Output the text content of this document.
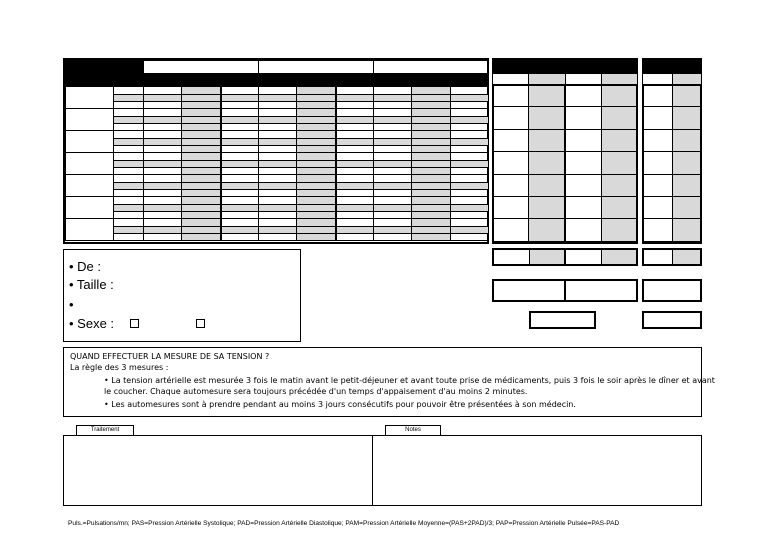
• De :
• Taille :
•
• Sexe :
QUAND EFFECTUER LA MESURE DE SA TENSION ?
La règle des 3 mesures :
• La tension artérielle est mesurée 3 fois le matin avant le petit-déjeuner et avant toute prise de médicaments, puis 3 fois le soir après le dîner et avant
le coucher. Chaque automesure sera toujours précédée d'un temps d'appaisement d'au moins 2 minutes.
• Les automesures sont à prendre pendant au moins 3 jours consécutifs pour pouvoir être présentées à son médecin.
Traitement	Notes
Puls.=Pulsations/mn; PAS=Pression Artérielle Systolique; PAD=Pression Artérielle Diastolique; PAM=Pression Artérielle Moyenne=(PAS+2PAD)/3; PAP=Pression Artérielle Pulsée=PAS-PAD
